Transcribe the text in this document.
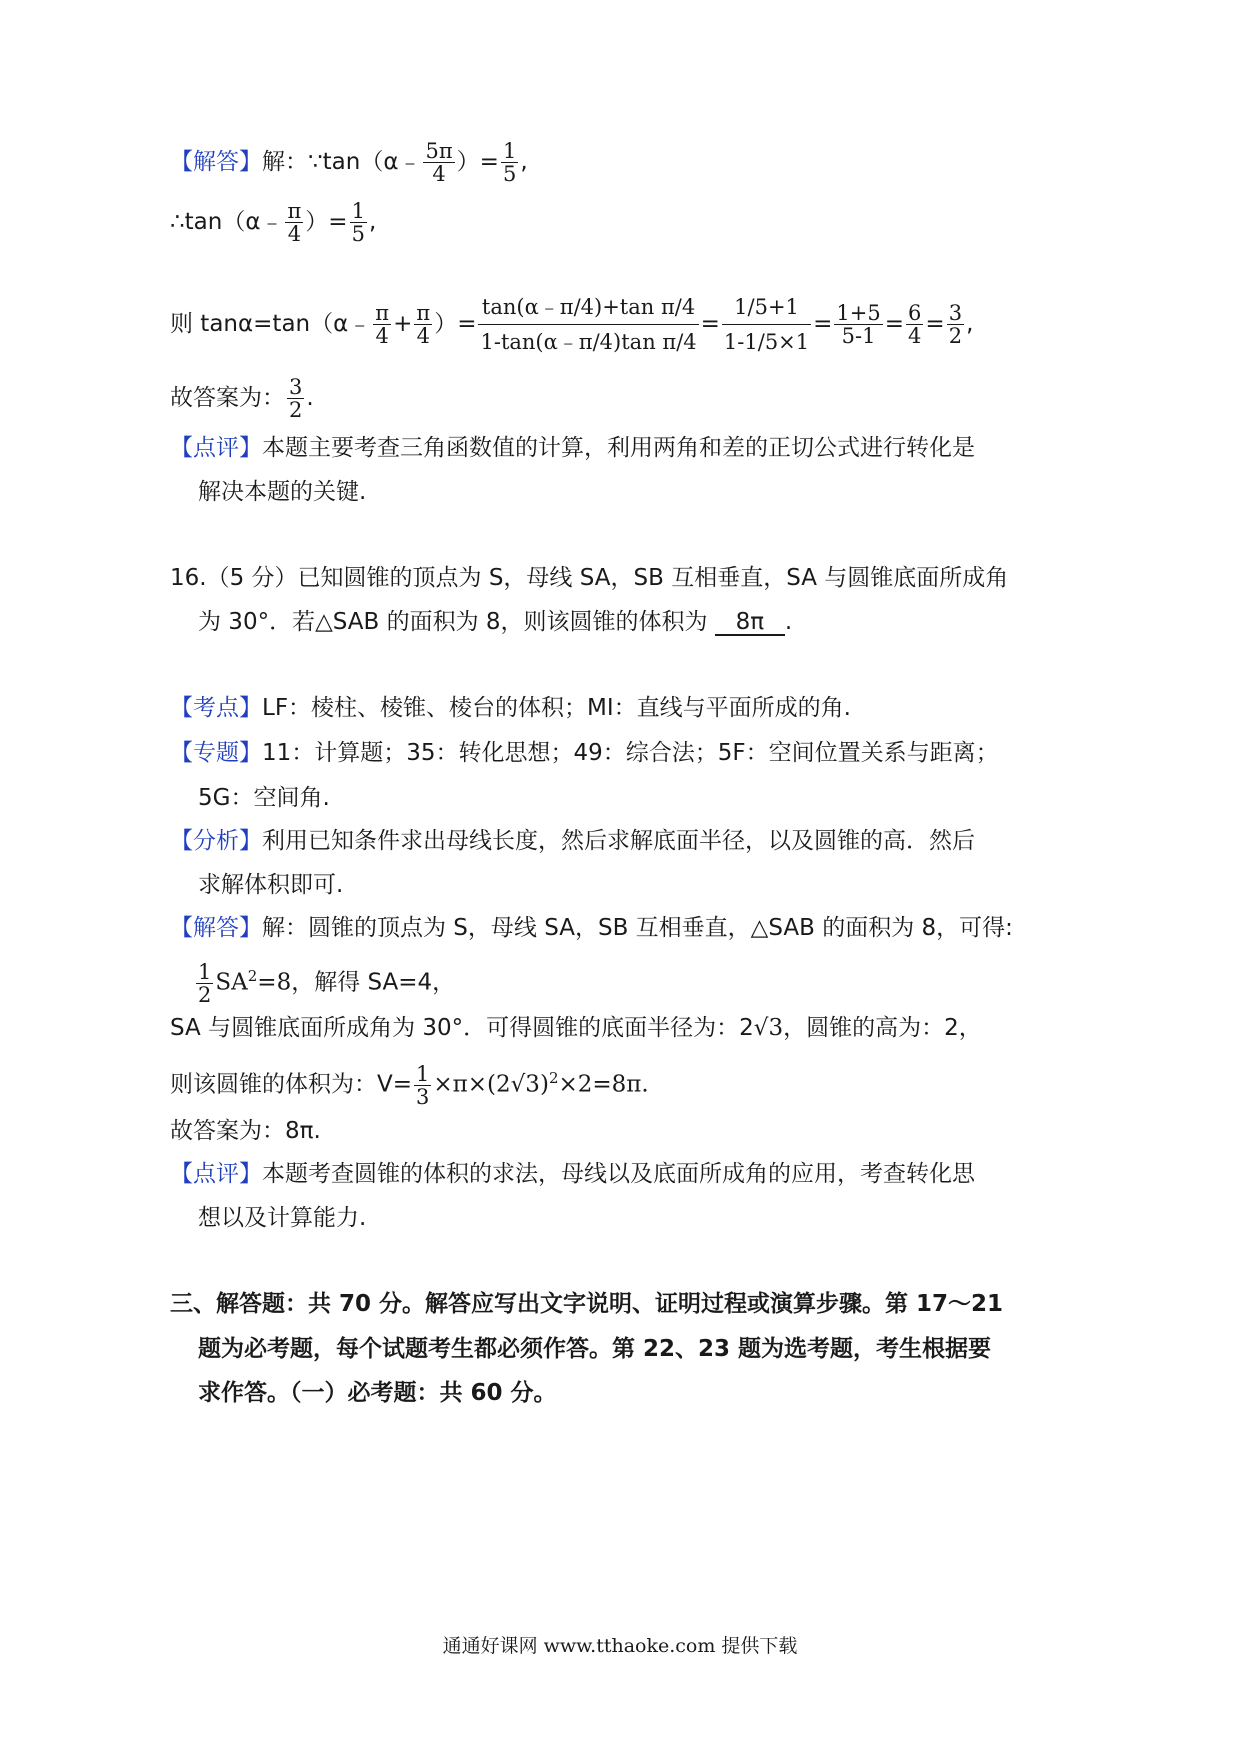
【解答】解：∵tan（α﹣ $\frac{5\pi}{4}$ ）= $\frac{1}{5}$ ,
∴tan（α﹣ $\frac{\pi}{4}$ ）= $\frac{1}{5}$ ,
则 tanα=tan（α﹣ $\frac{\pi}{4} + \frac{\pi}{4}$ ）= $\frac{\text{tan(α﹣π/4)+tan π/4}}{\text{1-tan(α﹣π/4)tan π/4}} = \frac{1/5+1}{1-1/5\times 1} = \frac{1+5}{5-1} = \frac{6}{4} = \frac{3}{2}$ ,
故答案为： $\frac{3}{2}$ .
【点评】本题主要考查三角函数值的计算，利用两角和差的正切公式进行转化是
解决本题的关键.
16.（5 分）已知圆锥的顶点为 S，母线 SA，SB 互相垂直，SA 与圆锥底面所成角
为 30°．若△SAB 的面积为 8，则该圆锥的体积为 8π .
【考点】LF：棱柱、棱锥、棱台的体积；MI：直线与平面所成的角.
【专题】11：计算题；35：转化思想；49：综合法；5F：空间位置关系与距离；
5G：空间角.
【分析】利用已知条件求出母线长度，然后求解底面半径，以及圆锥的高．然后
求解体积即可.
【解答】解：圆锥的顶点为 S，母线 SA，SB 互相垂直，△SAB 的面积为 8，可得:
$\frac{1}{2} SA^2=8$，解得 SA=4，
SA 与圆锥底面所成角为 30°．可得圆锥的底面半径为：2√3，圆锥的高为：2，
则该圆锥的体积为：$V= \frac{1}{3} \times\pi\times(2√3)^2\times 2=8\pi$.
故答案为：8π.
【点评】本题考查圆锥的体积的求法，母线以及底面所成角的应用，考查转化思
想以及计算能力.
三、解答题：共 70 分。解答应写出文字说明、证明过程或演算步骤。第 17～21
题为必考题，每个试题考生都必须作答。第 22、23 题为选考题，考生根据要
求作答。（一）必考题：共 60 分。
通通好课网 www.tthaoke.com 提供下载
